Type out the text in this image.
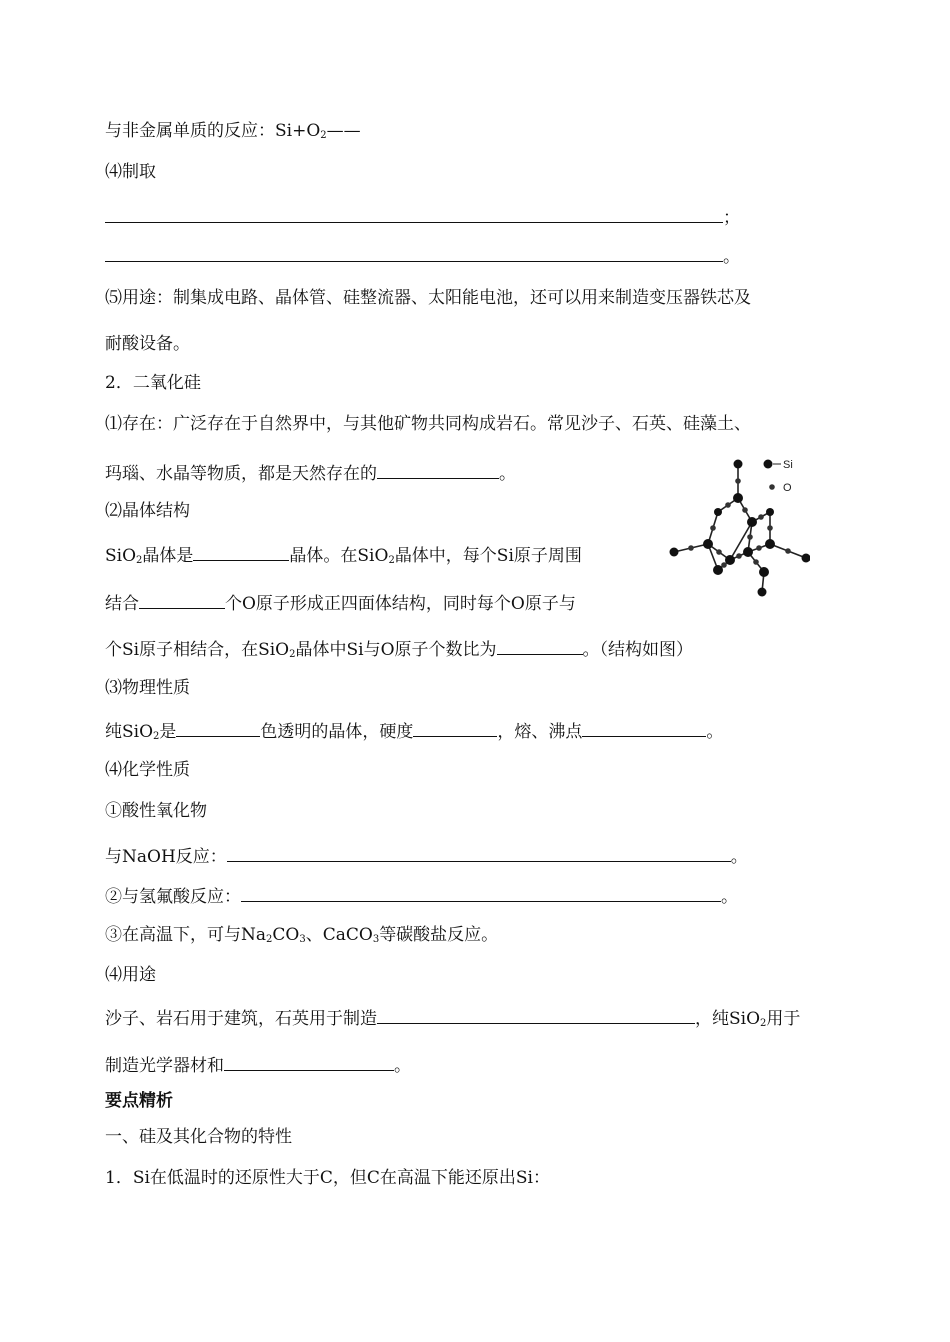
与非金属单质的反应：$Si+O_2——$
⑷制取
；
。
⑸用途：制集成电路、晶体管、硅整流器、太阳能电池，还可以用来制造变压器铁芯及
耐酸设备。
2．二氧化硅
⑴存在：广泛存在于自然界中，与其他矿物共同构成岩石。常见沙子、石英、硅藻土、
玛瑙、水晶等物质，都是天然存在的	。
⑵晶体结构
SiO$_2$晶体是	晶体。在SiO$_2$晶体中，每个Si原子周围
结合	个O原子形成正四面体结构，同时每个O原子与
个Si原子相结合，在SiO$_2$晶体中Si与O原子个数比为	。（结构如图）
⑶物理性质
纯SiO$_2$是	色透明的晶体，硬度	，熔、沸点	。
⑷化学性质
①酸性氧化物
与NaOH反应：	。
②与氢氟酸反应：	。
③在高温下，可与$Na_2CO_3$、CaCO$_3$等碳酸盐反应。
⑷用途
沙子、岩石用于建筑，石英用于制造	，纯SiO$_2$用于
制造光学器材和	。
要点精析
一、硅及其化合物的特性
1．Si在低温时的还原性大于C，但C在高温下能还原出Si：
Si
O
